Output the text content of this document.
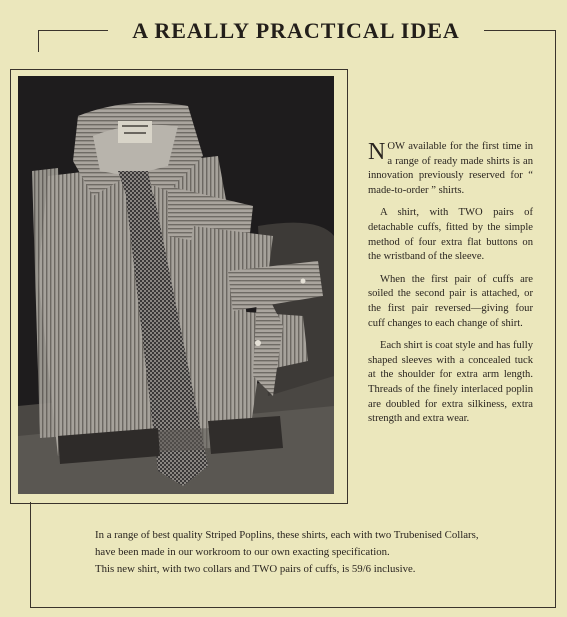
A REALLY PRACTICAL IDEA

NOW available for the first time in a range of ready made shirts is an innovation previously reserved for “ made-to-order ” shirts.

A shirt, with TWO pairs of detachable cuffs, fitted by the simple method of four extra flat buttons on the wristband of the sleeve.

When the first pair of cuffs are soiled the second pair is attached, or the first pair reversed—giving four cuff changes to each change of shirt.

Each shirt is coat style and has fully shaped sleeves with a concealed tuck at the shoulder for extra arm length. Threads of the finely interlaced poplin are doubled for extra silkiness, extra strength and extra wear.

In a range of best quality Striped Poplins, these shirts, each with two Trubenised Collars,
have been made in our workroom to our own exacting specification.
This new shirt, with two collars and TWO pairs of cuffs, is 59/6 inclusive.
